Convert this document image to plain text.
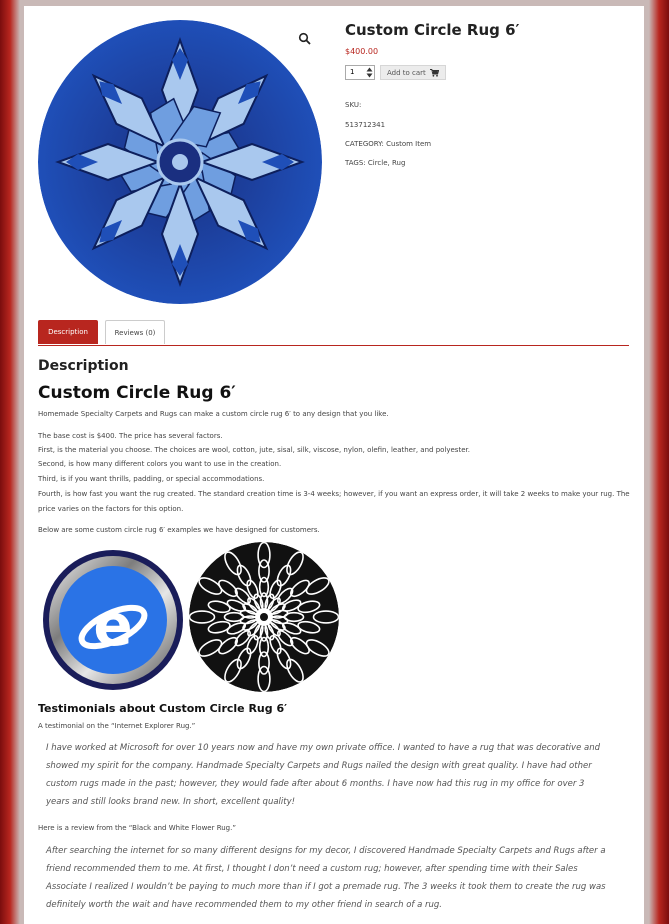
Custom Circle Rug 6′
$400.00
1
Add to cart
SKU:
513712341
CATEGORY: Custom Item
TAGS: Circle, Rug
Description	Reviews (0)
Description
Custom Circle Rug 6′
Homemade Specialty Carpets and Rugs can make a custom circle rug 6′ to any design that you like.
The base cost is $400. The price has several factors.
First, is the material you choose. The choices are wool, cotton, jute, sisal, silk, viscose, nylon, olefin, leather, and polyester.
Second, is how many different colors you want to use in the creation.
Third, is if you want thrills, padding, or special accommodations.
Fourth, is how fast you want the rug created. The standard creation time is 3-4 weeks; however, if you want an express order, it will take 2 weeks to make your rug. The price varies on the factors for this option.
Below are some custom circle rug 6′ examples we have designed for customers.
e
Testimonials about Custom Circle Rug 6′
A testimonial on the “Internet Explorer Rug.”
I have worked at Microsoft for over 10 years now and have my own private office. I wanted to have a rug that was decorative and showed my spirit for the company. Handmade Specialty Carpets and Rugs nailed the design with great quality. I have had other custom rugs made in the past; however, they would fade after about 6 months. I have now had this rug in my office for over 3 years and still looks brand new. In short, excellent quality!
Here is a review from the “Black and White Flower Rug.”
After searching the internet for so many different designs for my decor, I discovered Handmade Specialty Carpets and Rugs after a friend recommended them to me. At first, I thought I don’t need a custom rug; however, after spending time with their Sales Associate I realized I wouldn’t be paying to much more than if I got a premade rug. The 3 weeks it took them to create the rug was definitely worth the wait and have recommended them to my other friend in search of a rug.
